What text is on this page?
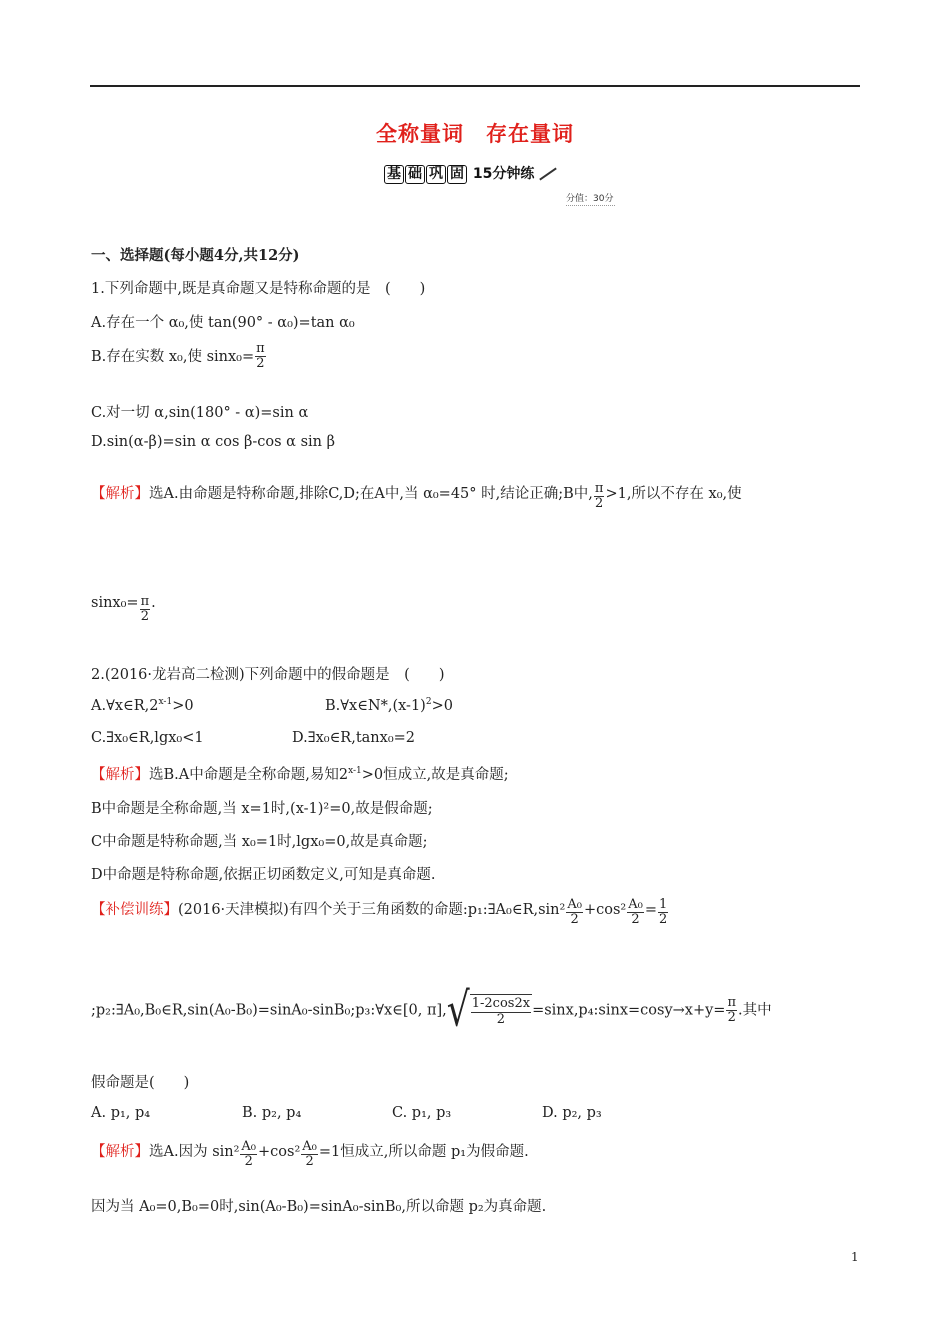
全称量词　存在量词
基 础 巩 固 15分钟练
分值：30分
一、选择题(每小题4分,共12分)
1.下列命题中,既是真命题又是特称命题的是　(　　)
A.存在一个 α₀,使 tan(90° - α₀)=tan α₀
B.存在实数 x₀,使 $\sin x_0= \frac{\pi}{2}$
C.对一切 α,sin(180° - α)=sin α
D.sin(α-β)=sin α cos β-cos α sin β
【解析】选A.由命题是特称命题,排除C,D;在A中,当 α₀=45° 时,结论正确;B中, $\frac{\pi}{2} >1$,所以不存在 x₀,使
$\sin x_0= \frac{\pi}{2}$ .
2.(2016·龙岩高二检测)下列命题中的假命题是　(　　)
$A.\forall x\in R,2^{x-1}>0$	$B.\forall x\in N*,(x-1)^2>0$
C.∃x₀∈R,lgx₀<1	D.∃x₀∈R,tanx₀=2
【解析】选B.A中命题是全称命题,易知$2^{x-1}>0$恒成立,故是真命题;
B中命题是全称命题,当 x=1时,(x-1)²=0,故是假命题;
C中命题是特称命题,当 x₀=1时,lgx₀=0,故是真命题;
D中命题是特称命题,依据正切函数定义,可知是真命题.
【补偿训练】(2016·天津模拟)有四个关于三角函数的命题:p₁:∃A₀∈R,sin² $\frac{\text{A₀}}{2} +\cos^2 \frac{\text{A₀}}{2} = \frac{1}{2}$
;p₂:∃A₀,B₀∈R,sin(A₀-B₀)=sinA₀-sinB₀;p₃:∀x∈[0, $\pi],√ \frac{1-2\cos 2x}{2}$ =sinx,p₄:sinx=cosy→x+y= $\frac{\pi}{2}$ .其中
假命题是(　　)
A. p₁, p₄	B. p₂, p₄	C. p₁, p₃	D. p₂, p₃
【解析】选A.因为 $\sin^2 \frac{\text{A₀}}{2} +\cos^2 \frac{\text{A₀}}{2} =1$恒成立,所以命题 p₁为假命题.
因为当 A₀=0,B₀=0时,sin(A₀-B₀)=sinA₀-sinB₀,所以命题 p₂为真命题.
1
